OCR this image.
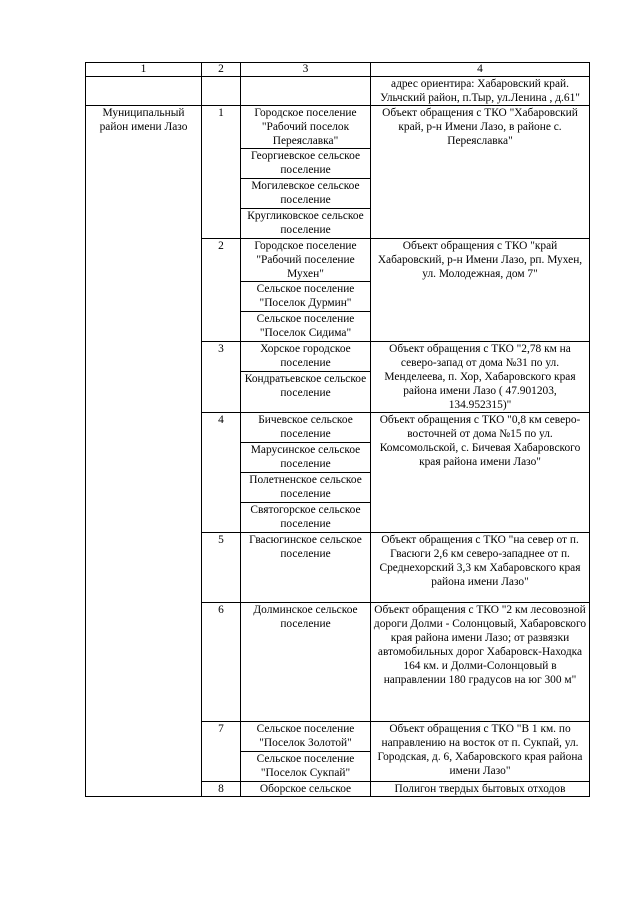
1	2	3	4
			адрес ориентира: Хабаровский край. Ульчский район, п.Тыр, ул.Ленина , д.61"
Муниципальный район имени Лазо	1	Городское поселение "Рабочий поселок Переяславка"	Объект обращения с ТКО "Хабаровский край, р-н Имени Лазо, в районе с. Переяславка"
		Георгиевское сельское поселение	
		Могилевское сельское поселение	
		Кругликовское сельское поселение	
	2	Городское поселение "Рабочий поселение Мухен"	Объект обращения с ТКО "край Хабаровский, р-н Имени Лазо, рп. Мухен, ул. Молодежная, дом 7"
		Сельское поселение "Поселок Дурмин"	
		Сельское поселение "Поселок Сидима"	
	3	Хорское городское поселение	Объект обращения с ТКО "2,78 км на северо-запад от дома №31 по ул. Менделеева, п. Хор, Хабаровского края района имени Лазо ( 47.901203, 134.952315)"
		Кондратьевское сельское поселение	
	4	Бичевское сельское поселение	Объект обращения с ТКО "0,8 км северо-восточней от дома №15 по ул. Комсомольской, с. Бичевая Хабаровского края района имени Лазо"
		Марусинское сельское поселение	
		Полетненское сельское поселение	
		Святогорское сельское поселение	
	5	Гвасюгинское сельское поселение	Объект обращения с ТКО "на север от п. Гвасюги 2,6 км северо-западнее от п. Среднехорский 3,3 км Хабаровского края района имени Лазо"
	6	Долминское сельское поселение	Объект обращения с ТКО "2 км лесовозной дороги Долми - Солонцовый, Хабаровского края района имени Лазо; от развязки автомобильных дорог Хабаровск-Находка 164 км. и Долми-Солонцовый в направлении 180 градусов на юг 300 м"
	7	Сельское поселение "Поселок Золотой"	Объект обращения с ТКО "В 1 км. по направлению на восток от п. Сукпай, ул. Городская, д. 6, Хабаровского края района имени Лазо"
		Сельское поселение "Поселок Сукпай"	
	8	Оборское сельское	Полигон твердых бытовых отходов
